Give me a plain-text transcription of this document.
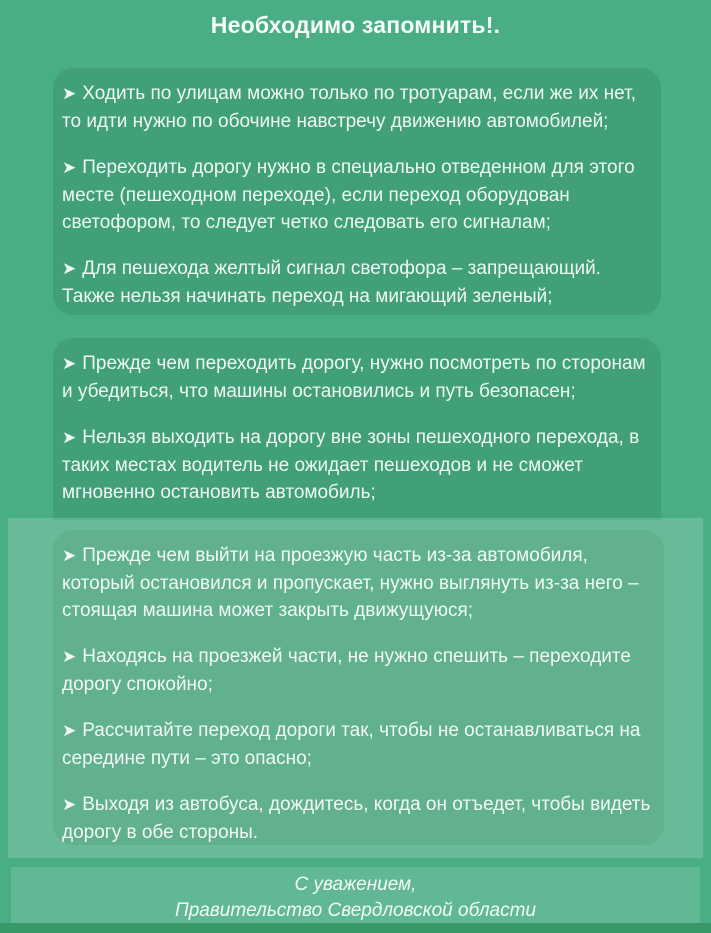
Необходимо запомнить!.

➤ Ходить по улицам можно только по тротуарам, если же их нет, то идти нужно по обочине навстречу движению автомобилей;

➤ Переходить дорогу нужно в специально отведенном для этого месте (пешеходном переходе), если переход оборудован светофором, то следует четко следовать его сигналам;

➤ Для пешехода желтый сигнал светофора – запрещающий. Также нельзя начинать переход на мигающий зеленый;

➤ Прежде чем переходить дорогу, нужно посмотреть по сторонам и убедиться, что машины остановились и путь безопасен;

➤ Нельзя выходить на дорогу вне зоны пешеходного перехода, в таких местах водитель не ожидает пешеходов и не сможет мгновенно остановить автомобиль;

➤ Прежде чем выйти на проезжую часть из-за автомобиля, который остановился и пропускает, нужно выглянуть из-за него – стоящая машина может закрыть движущуюся;

➤ Находясь на проезжей части, не нужно спешить – переходите дорогу спокойно;

➤ Рассчитайте переход дороги так, чтобы не останавливаться на середине пути – это опасно;

➤ Выходя из автобуса, дождитесь, когда он отъедет, чтобы видеть дорогу в обе стороны.

С уважением,
Правительство Свердловской области
